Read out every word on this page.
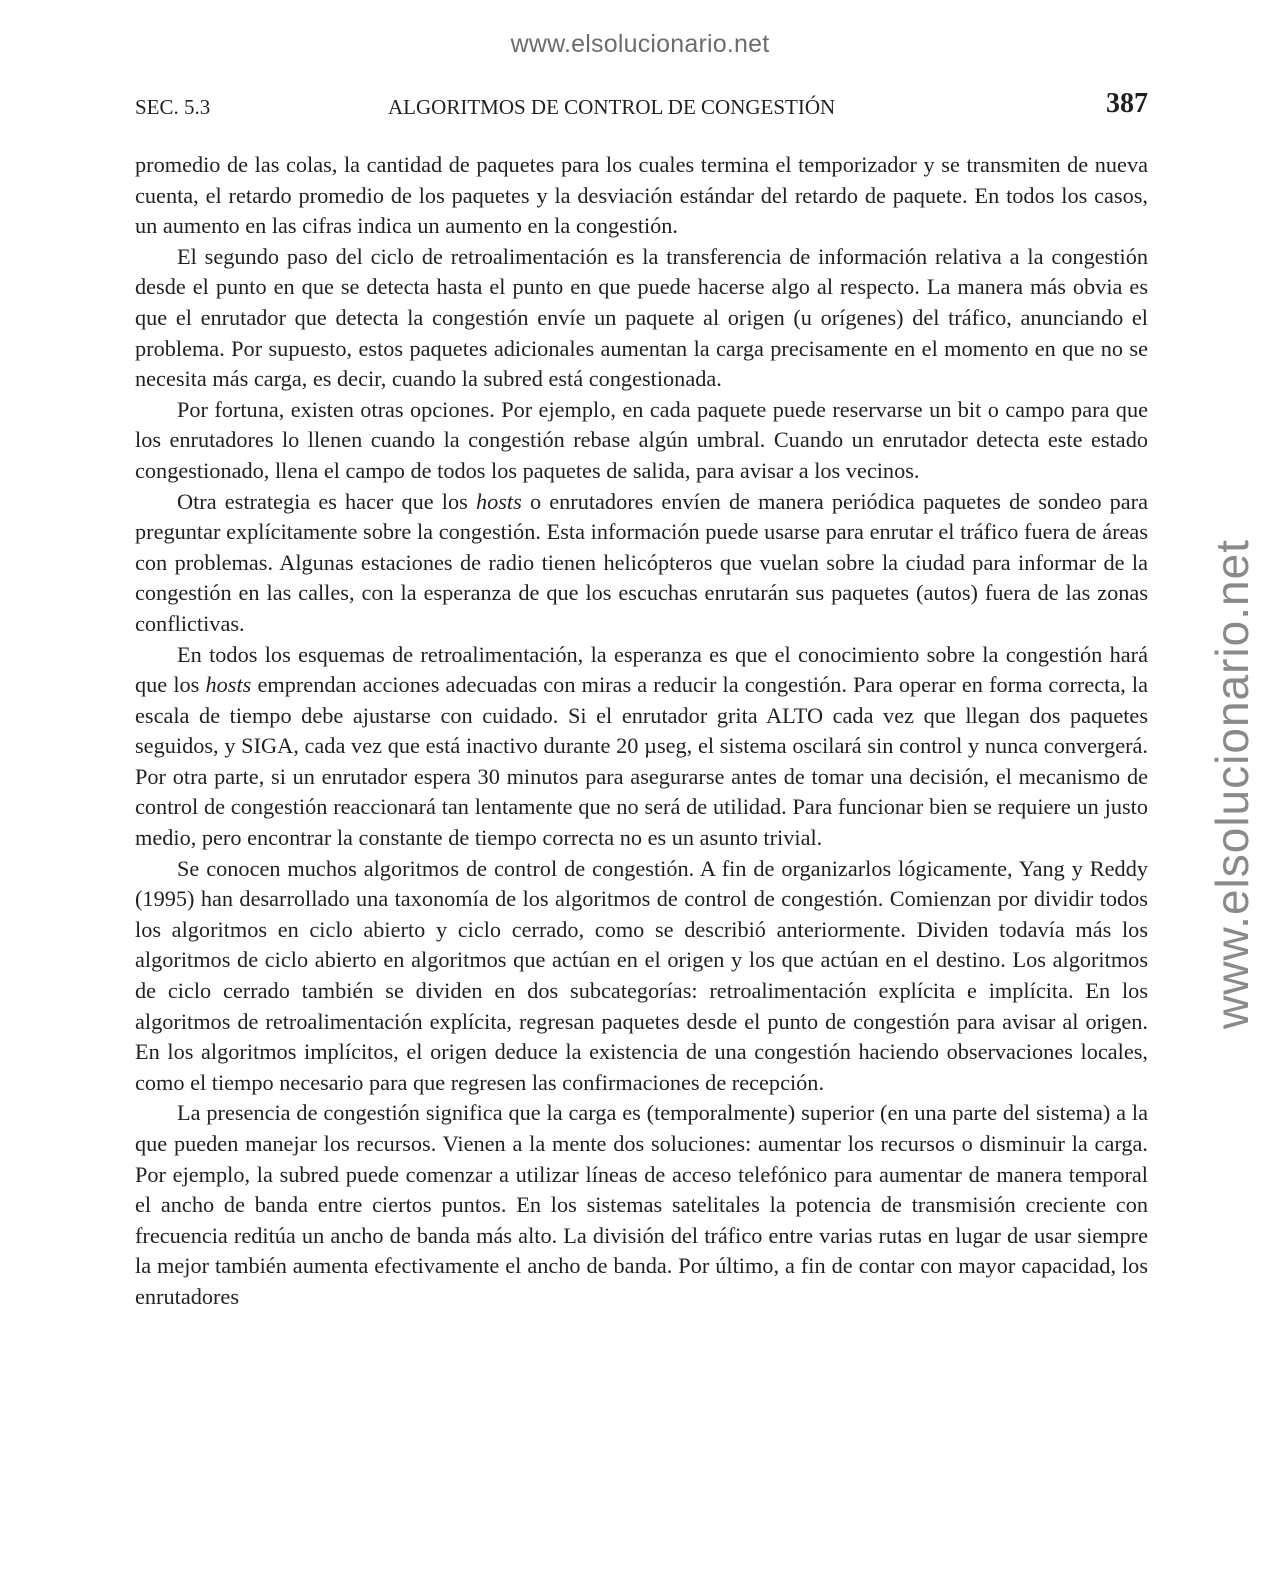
www.elsolucionario.net
www.elsolucionario.net
SEC. 5.3	ALGORITMOS DE CONTROL DE CONGESTIÓN	387

promedio de las colas, la cantidad de paquetes para los cuales termina el temporizador y se transmiten de nueva cuenta, el retardo promedio de los paquetes y la desviación estándar del retardo de paquete. En todos los casos, un aumento en las cifras indica un aumento en la congestión.

El segundo paso del ciclo de retroalimentación es la transferencia de información relativa a la congestión desde el punto en que se detecta hasta el punto en que puede hacerse algo al respecto. La manera más obvia es que el enrutador que detecta la congestión envíe un paquete al origen (u orígenes) del tráfico, anunciando el problema. Por supuesto, estos paquetes adicionales aumentan la carga precisamente en el momento en que no se necesita más carga, es decir, cuando la subred está congestionada.

Por fortuna, existen otras opciones. Por ejemplo, en cada paquete puede reservarse un bit o campo para que los enrutadores lo llenen cuando la congestión rebase algún umbral. Cuando un enrutador detecta este estado congestionado, llena el campo de todos los paquetes de salida, para avisar a los vecinos.

Otra estrategia es hacer que los hosts o enrutadores envíen de manera periódica paquetes de sondeo para preguntar explícitamente sobre la congestión. Esta información puede usarse para enrutar el tráfico fuera de áreas con problemas. Algunas estaciones de radio tienen helicópteros que vuelan sobre la ciudad para informar de la congestión en las calles, con la esperanza de que los escuchas enrutarán sus paquetes (autos) fuera de las zonas conflictivas.

En todos los esquemas de retroalimentación, la esperanza es que el conocimiento sobre la congestión hará que los hosts emprendan acciones adecuadas con miras a reducir la congestión. Para operar en forma correcta, la escala de tiempo debe ajustarse con cuidado. Si el enrutador grita ALTO cada vez que llegan dos paquetes seguidos, y SIGA, cada vez que está inactivo durante 20 µseg, el sistema oscilará sin control y nunca convergerá. Por otra parte, si un enrutador espera 30 minutos para asegurarse antes de tomar una decisión, el mecanismo de control de congestión reaccionará tan lentamente que no será de utilidad. Para funcionar bien se requiere un justo medio, pero encontrar la constante de tiempo correcta no es un asunto trivial.

Se conocen muchos algoritmos de control de congestión. A fin de organizarlos lógicamente, Yang y Reddy (1995) han desarrollado una taxonomía de los algoritmos de control de congestión. Comienzan por dividir todos los algoritmos en ciclo abierto y ciclo cerrado, como se describió anteriormente. Dividen todavía más los algoritmos de ciclo abierto en algoritmos que actúan en el origen y los que actúan en el destino. Los algoritmos de ciclo cerrado también se dividen en dos subcategorías: retroalimentación explícita e implícita. En los algoritmos de retroalimentación explícita, regresan paquetes desde el punto de congestión para avisar al origen. En los algoritmos implícitos, el origen deduce la existencia de una congestión haciendo observaciones locales, como el tiempo necesario para que regresen las confirmaciones de recepción.

La presencia de congestión significa que la carga es (temporalmente) superior (en una parte del sistema) a la que pueden manejar los recursos. Vienen a la mente dos soluciones: aumentar los recursos o disminuir la carga. Por ejemplo, la subred puede comenzar a utilizar líneas de acceso telefónico para aumentar de manera temporal el ancho de banda entre ciertos puntos. En los sistemas satelitales la potencia de transmisión creciente con frecuencia reditúa un ancho de banda más alto. La división del tráfico entre varias rutas en lugar de usar siempre la mejor también aumenta efectivamente el ancho de banda. Por último, a fin de contar con mayor capacidad, los enrutadores
